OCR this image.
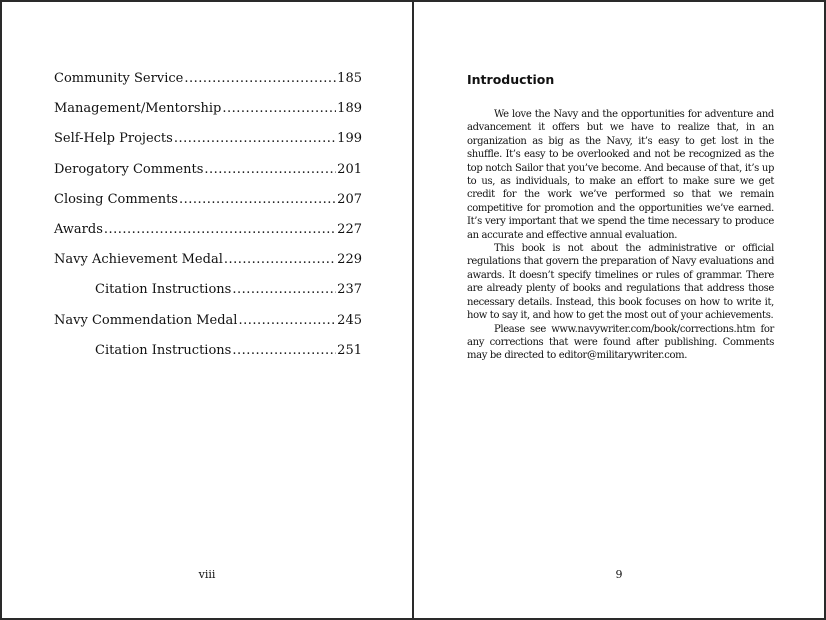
Community Service .....	185
Management/Mentorship .....	189
Self-Help Projects .....	199
Derogatory Comments .....	201
Closing Comments .....	207
Awards .....	227
Navy Achievement Medal .....	229
Citation Instructions .....	237
Navy Commendation Medal .....	245
Citation Instructions .....	251
viii
Introduction

We love the Navy and the opportunities for adventure and advancement it offers but we have to realize that, in an organization as big as the Navy, it’s easy to get lost in the shuffle. It’s easy to be overlooked and not be recognized as the top notch Sailor that you’ve become. And because of that, it’s up to us, as individuals, to make an effort to make sure we get credit for the work we’ve performed so that we remain competitive for promotion and the opportunities we’ve earned. It’s very important that we spend the time necessary to produce an accurate and effective annual evaluation.

This book is not about the administrative or official regulations that govern the preparation of Navy evaluations and awards. It doesn’t specify timelines or rules of grammar. There are already plenty of books and regulations that address those necessary details. Instead, this book focuses on how to write it, how to say it, and how to get the most out of your achievements.

Please see www.navywriter.com/book/corrections.htm for any corrections that were found after publishing. Comments may be directed to editor@militarywriter.com.

9
